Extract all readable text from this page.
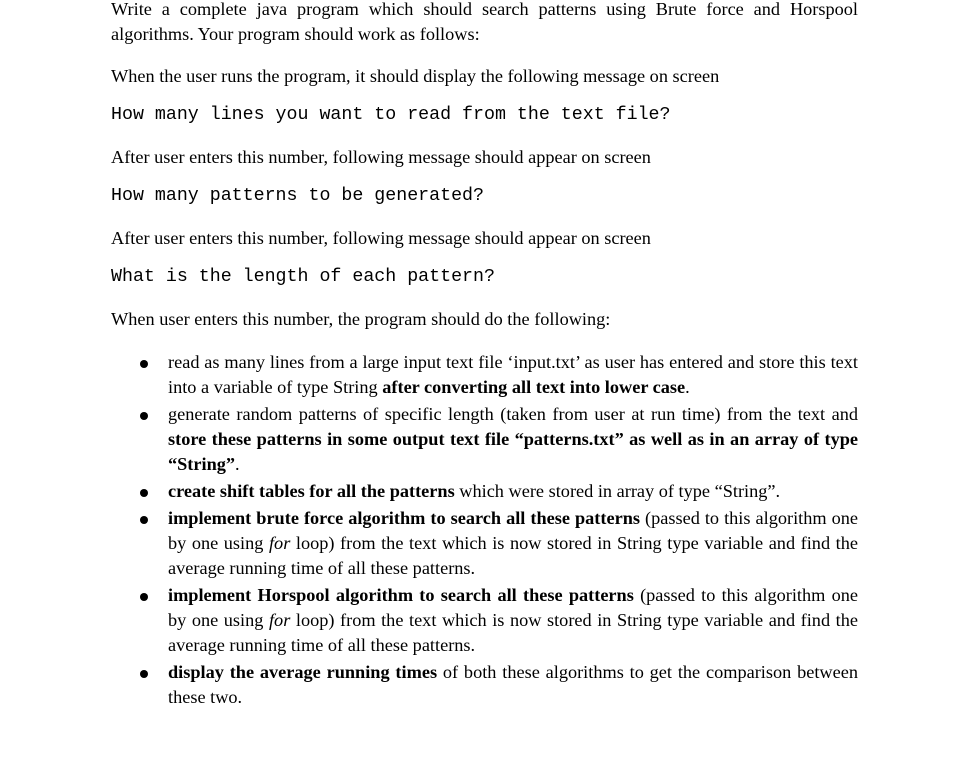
Write a complete java program which should search patterns using Brute force and Horspool algorithms. Your program should work as follows:

When the user runs the program, it should display the following message on screen

How many lines you want to read from the text file?

After user enters this number, following message should appear on screen

How many patterns to be generated?

After user enters this number, following message should appear on screen

What is the length of each pattern?

When user enters this number, the program should do the following:

read as many lines from a large input text file ‘input.txt’ as user has entered and store this text into a variable of type String after converting all text into lower case.
generate random patterns of specific length (taken from user at run time) from the text and store these patterns in some output text file “patterns.txt” as well as in an array of type “String”.
create shift tables for all the patterns which were stored in array of type “String”.
implement brute force algorithm to search all these patterns (passed to this algorithm one by one using for loop) from the text which is now stored in String type variable and find the average running time of all these patterns.
implement Horspool algorithm to search all these patterns (passed to this algorithm one by one using for loop) from the text which is now stored in String type variable and find the average running time of all these patterns.
display the average running times of both these algorithms to get the comparison between these two.
